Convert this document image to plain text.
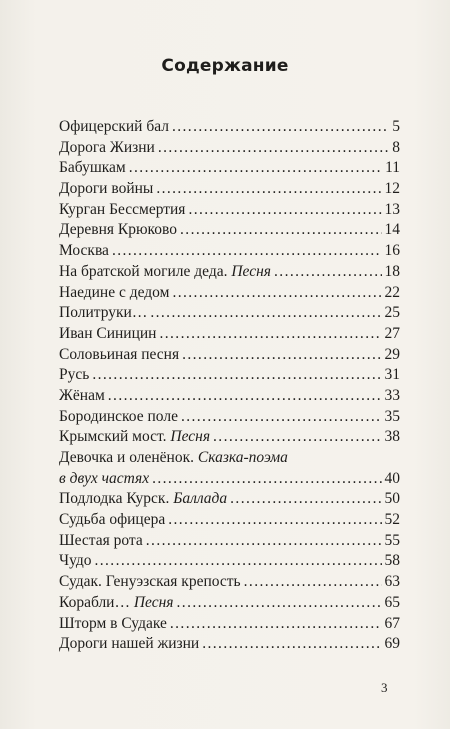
Содержание
Офицерский бал .....	5
Дорога Жизни .....	8
Бабушкам .....	11
Дороги войны .....	12
Курган Бессмертия .....	13
Деревня Крюково .....	14
Москва .....	16
На братской могиле деда. Песня .....	18
Наедине с дедом .....	22
Политруки… .....	25
Иван Синицин .....	27
Соловьиная песня .....	29
Русь .....	31
Жёнам .....	33
Бородинское поле .....	35
Крымский мост. Песня .....	38
Девочка и оленёнок. Сказка-поэма
в двух частях .....	40
Подлодка Курск. Баллада .....	50
Судьба офицера .....	52
Шестая рота .....	55
Чудо .....	58
Судак. Генуэзская крепость .....	63
Корабли… Песня .....	65
Шторм в Судаке .....	67
Дороги нашей жизни .....	69
3
